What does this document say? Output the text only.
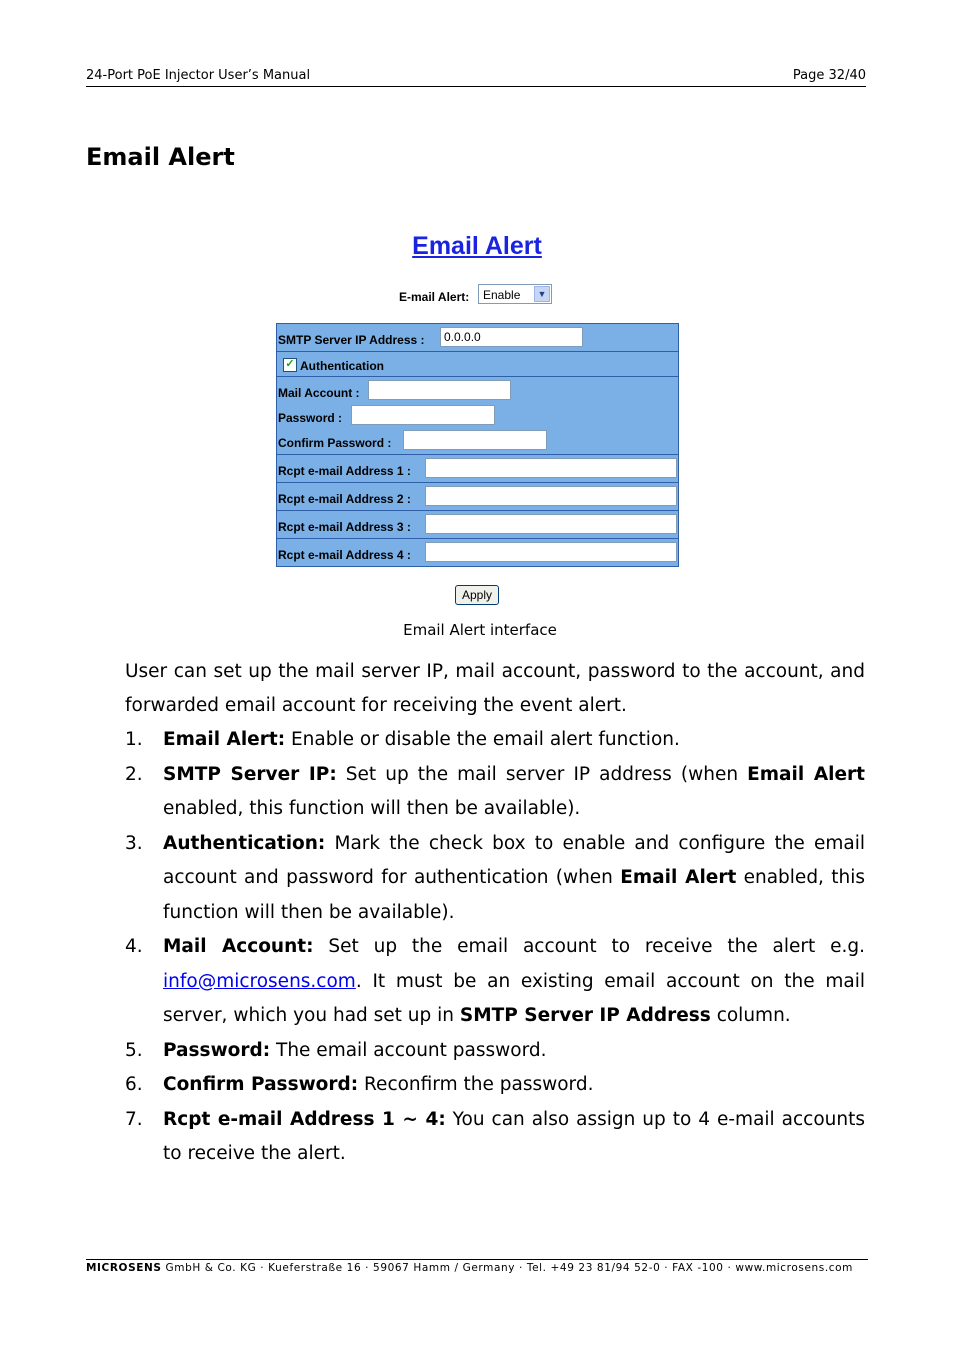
24-Port PoE Injector User’s Manual	Page 32/40
Email Alert
Email Alert
E-mail Alert: Enable	▼
SMTP Server IP Address : 0.0.0.0
✓ Authentication
Mail Account :
Password :
Confirm Password :
Rcpt e-mail Address 1 :
Rcpt e-mail Address 2 :
Rcpt e-mail Address 3 :
Rcpt e-mail Address 4 :
Apply
Email Alert interface

User can set up the mail server IP, mail account, password to the account, and forwarded email account for receiving the event alert.

1. Email Alert: Enable or disable the email alert function.
2. SMTP Server IP: Set up the mail server IP address (when Email Alert enabled, this function will then be available).
3. Authentication: Mark the check box to enable and configure the email account and password for authentication (when Email Alert enabled, this function will then be available).
4. Mail Account: Set up the email account to receive the alert e.g. info@microsens.com. It must be an existing email account on the mail server, which you had set up in SMTP Server IP Address column.
5. Password: The email account password.
6. Confirm Password: Reconfirm the password.
7. Rcpt e-mail Address 1 ~ 4: You can also assign up to 4 e-mail accounts to receive the alert.
MICROSENS GmbH & Co. KG · Kueferstraße 16 · 59067 Hamm / Germany · Tel. +49 23 81/94 52-0 · FAX -100 · www.microsens.com
